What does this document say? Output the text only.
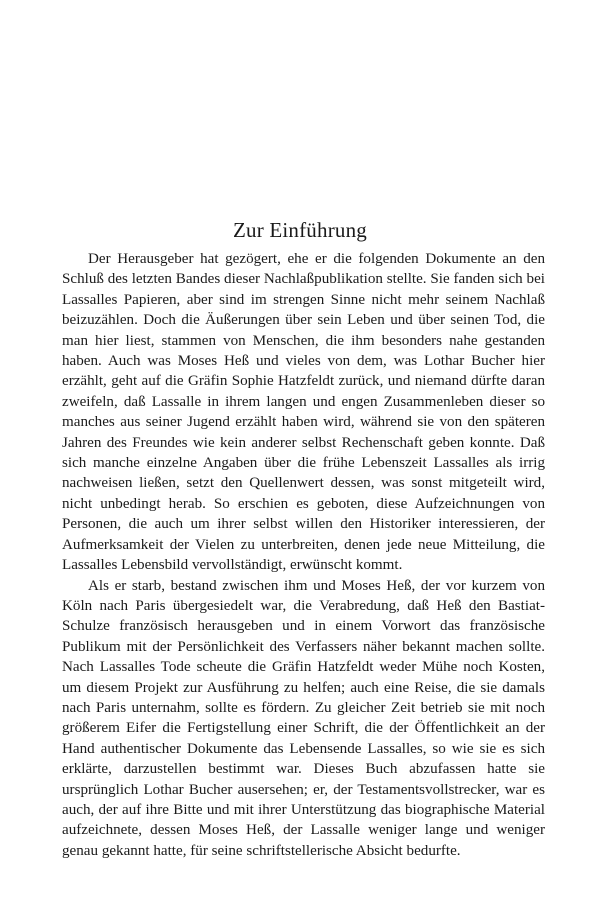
Zur Einführung

Der Herausgeber hat gezögert, ehe er die folgenden Dokumente an den Schluß des letzten Bandes dieser Nachlaßpublikation stellte. Sie fanden sich bei Lassalles Papieren, aber sind im strengen Sinne nicht mehr seinem Nachlaß beizuzählen. Doch die Äußerungen über sein Leben und über seinen Tod, die man hier liest, stammen von Menschen, die ihm besonders nahe gestanden haben. Auch was Moses Heß und vieles von dem, was Lothar Bucher hier erzählt, geht auf die Gräfin Sophie Hatzfeldt zurück, und niemand dürfte daran zweifeln, daß Lassalle in ihrem langen und engen Zusammenleben dieser so manches aus seiner Jugend erzählt haben wird, während sie von den späteren Jahren des Freundes wie kein anderer selbst Rechenschaft geben konnte. Daß sich manche einzelne Angaben über die frühe Lebenszeit Lassalles als irrig nachweisen ließen, setzt den Quellenwert dessen, was sonst mitgeteilt wird, nicht unbedingt herab. So erschien es geboten, diese Aufzeichnungen von Personen, die auch um ihrer selbst willen den Historiker interessieren, der Aufmerksamkeit der Vielen zu unterbreiten, denen jede neue Mitteilung, die Lassalles Lebensbild vervollständigt, erwünscht kommt.

Als er starb, bestand zwischen ihm und Moses Heß, der vor kurzem von Köln nach Paris übergesiedelt war, die Verabredung, daß Heß den Bastiat-Schulze französisch herausgeben und in einem Vorwort das französische Publikum mit der Persönlichkeit des Verfassers näher bekannt machen sollte. Nach Lassalles Tode scheute die Gräfin Hatzfeldt weder Mühe noch Kosten, um diesem Projekt zur Ausführung zu helfen; auch eine Reise, die sie damals nach Paris unternahm, sollte es fördern. Zu gleicher Zeit betrieb sie mit noch größerem Eifer die Fertigstellung einer Schrift, die der Öffentlichkeit an der Hand authentischer Dokumente das Lebensende Lassalles, so wie sie es sich erklärte, darzustellen bestimmt war. Dieses Buch abzufassen hatte sie ursprünglich Lothar Bucher ausersehen; er, der Testamentsvollstrecker, war es auch, der auf ihre Bitte und mit ihrer Unterstützung das biographische Material aufzeichnete, dessen Moses Heß, der Lassalle weniger lange und weniger genau gekannt hatte, für seine schriftstellerische Absicht bedurfte.
